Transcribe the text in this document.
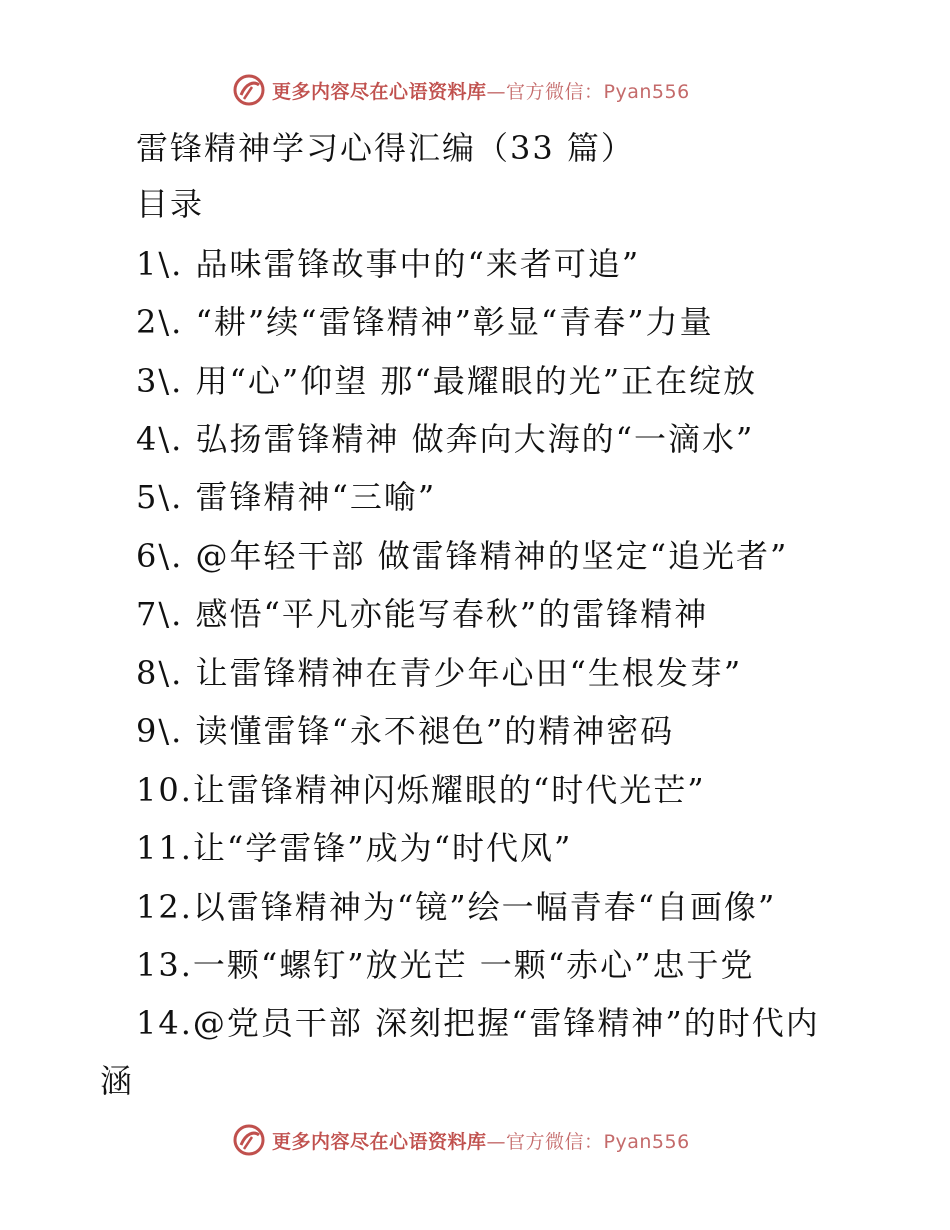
更多内容尽在心语资料库—官方微信：Pyan556
雷锋精神学习心得汇编（33 篇）
目录
1\. 品味雷锋故事中的“来者可追”
2\. “耕”续“雷锋精神”彰显“青春”力量
3\. 用“心”仰望 那“最耀眼的光”正在绽放
4\. 弘扬雷锋精神 做奔向大海的“一滴水”
5\. 雷锋精神“三喻”
6\. @年轻干部 做雷锋精神的坚定“追光者”
7\. 感悟“平凡亦能写春秋”的雷锋精神
8\. 让雷锋精神在青少年心田“生根发芽”
9\. 读懂雷锋“永不褪色”的精神密码
10.让雷锋精神闪烁耀眼的“时代光芒”
11.让“学雷锋”成为“时代风”
12.以雷锋精神为“镜”绘一幅青春“自画像”
13.一颗“螺钉”放光芒 一颗“赤心”忠于党
14.@党员干部 深刻把握“雷锋精神”的时代内
涵
更多内容尽在心语资料库—官方微信：Pyan556
